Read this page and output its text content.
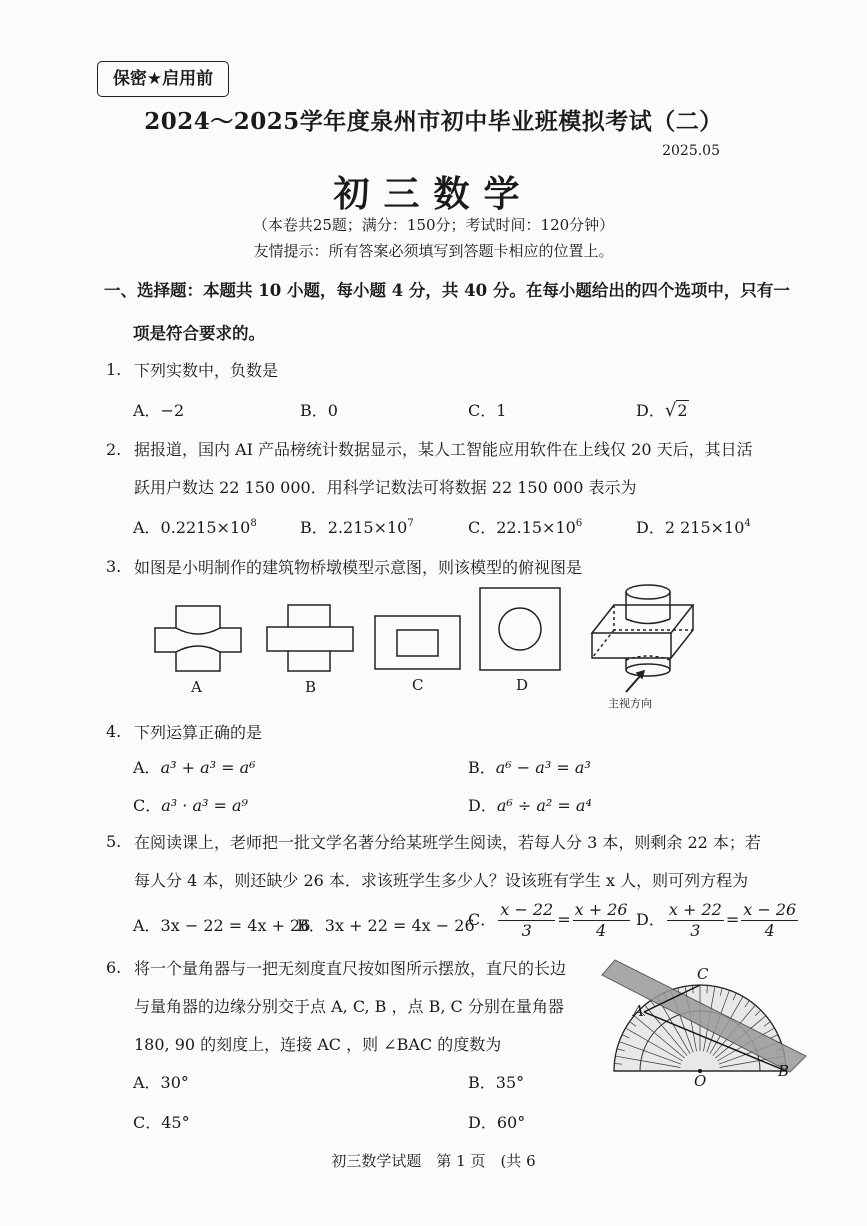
保密★启用前
2024～2025学年度泉州市初中毕业班模拟考试（二）
2025.05
初三数学
（本卷共25题；满分：150分；考试时间：120分钟）
友情提示：所有答案必须填写到答题卡相应的位置上。
一、选择题：本题共 10 小题，每小题 4 分，共 40 分。在每小题给出的四个选项中，只有一
项是符合要求的。
1. 下列实数中，负数是
A．−2	B．0	C．1	D．√2
2. 据报道，国内 AI 产品榜统计数据显示，某人工智能应用软件在上线仅 20 天后，其日活
跃用户数达 22 150 000．用科学记数法可将数据 22 150 000 表示为
A．$0.2215\times 10^8$	B．$2.215\times 10^7$	C．$22.15\times 10^6$	D．2 $215\times 10^4$
3. 如图是小明制作的建筑物桥墩模型示意图，则该模型的俯视图是
A	B	C	D
主视方向
4. 下列运算正确的是
A．a³ + a³ = a⁶	B．a⁶ − a³ = a³
C．a³ · a³ = a⁹	D．a⁶ ÷ a² = a⁴
5. 在阅读课上，老师把一批文学名著分给某班学生阅读，若每人分 3 本，则剩余 22 本；若
每人分 4 本，则还缺少 26 本．求该班学生多少人？设该班有学生 x 人，则可列方程为
A．3x − 22 = 4x + 26
B．3x + 22 = 4x − 26
C． $\frac{x - 22}{3} = \frac{x + 26}{4}$ D． $\frac{x + 22}{3} = \frac{x - 26}{4}$
6. 将一个量角器与一把无刻度直尺按如图所示摆放，直尺的长边
与量角器的边缘分别交于点 A, C, B ，点 B, C 分别在量角器
180, 90 的刻度上，连接 AC ，则 ∠BAC 的度数为
A．30°	B．35°
C．45°	D．60°
A
C
B
O
初三数学试题　第 1 页　(共 6
